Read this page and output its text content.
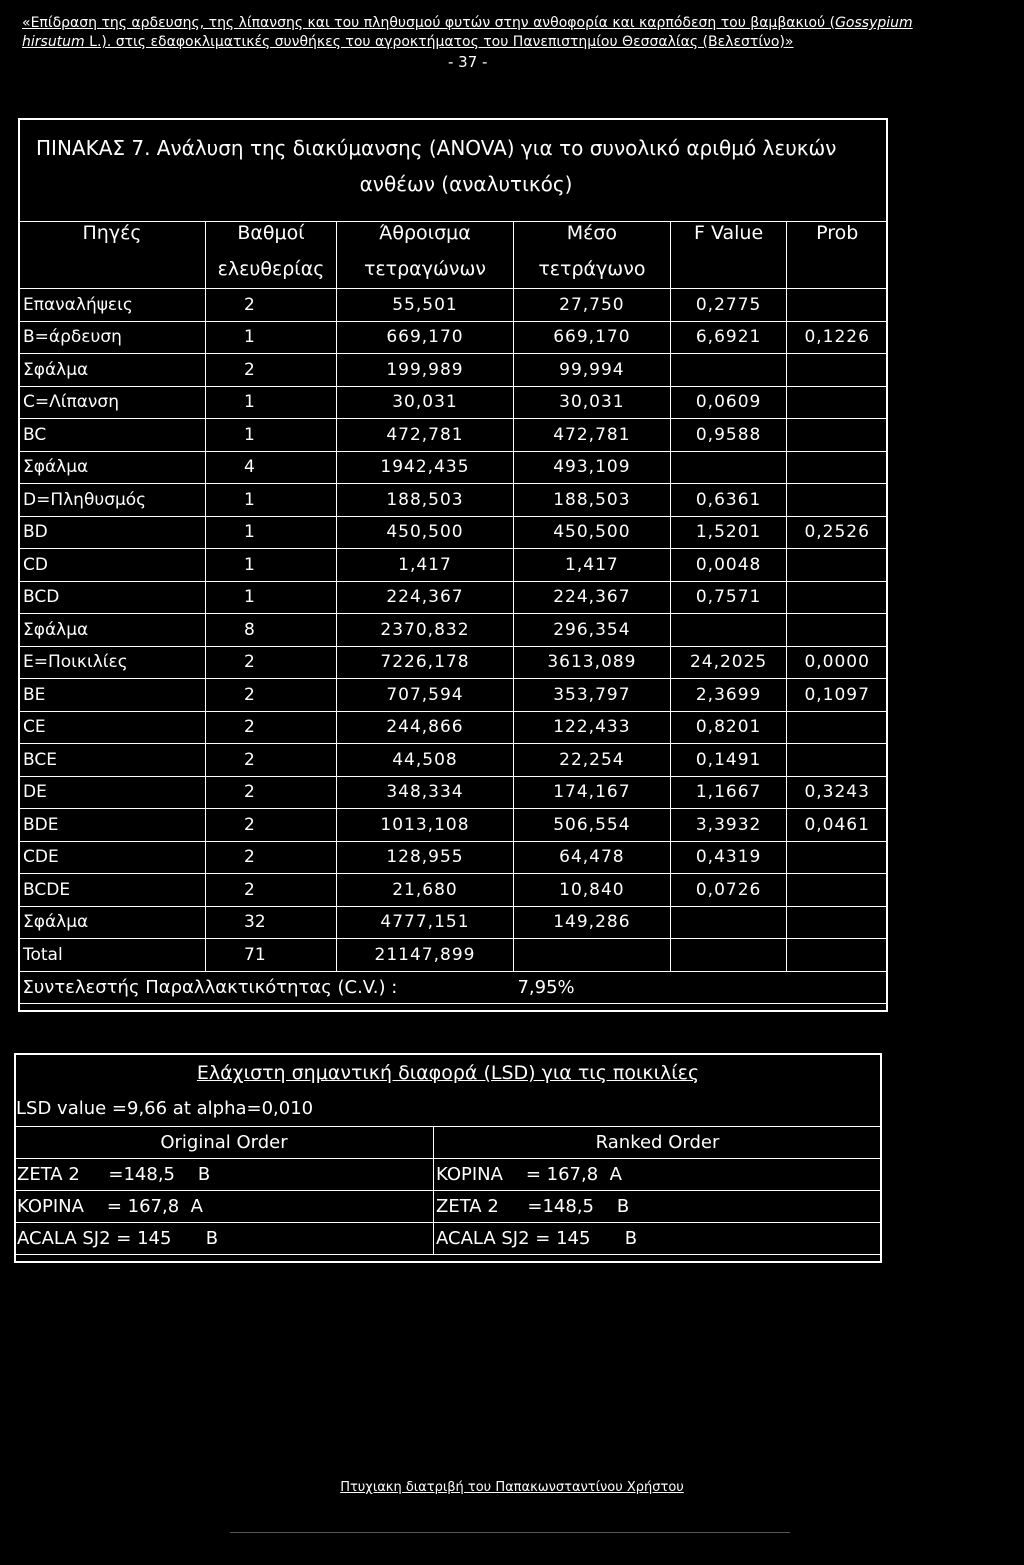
«Επίδραση της αρδευσης, της λίπανσης και του πληθυσμού φυτών στην ανθοφορία και καρπόδεση του βαμβακιού (Gossypium
hirsutum L.). στις εδαφοκλιματικές συνθήκες του αγροκτήματος του Πανεπιστημίου Θεσσαλίας (Βελεστίνο)»
- 37 -
ΠΙΝΑΚΑΣ 7. Ανάλυση της διακύμανσης (ANOVA) για το συνολικό αριθμό λευκών
ανθέων (αναλυτικός)
Πηγές	Βαθμοί	Άθροισμα	Μέσο	F Value	Prob
	ελευθερίας	τετραγώνων	τετράγωνο		
Επαναλήψεις	2	55,501	27,750	0,2775	
B=άρδευση	1	669,170	669,170	6,6921	0,1226
Σφάλμα	2	199,989	99,994		
C=Λίπανση	1	30,031	30,031	0,0609	
BC	1	472,781	472,781	0,9588	
Σφάλμα	4	1942,435	493,109		
D=Πληθυσμός	1	188,503	188,503	0,6361	
BD	1	450,500	450,500	1,5201	0,2526
CD	1	1,417	1,417	0,0048	
BCD	1	224,367	224,367	0,7571	
Σφάλμα	8	2370,832	296,354		
E=Ποικιλίες	2	7226,178	3613,089	24,2025	0,0000
BE	2	707,594	353,797	2,3699	0,1097
CE	2	244,866	122,433	0,8201	
BCE	2	44,508	22,254	0,1491	
DE	2	348,334	174,167	1,1667	0,3243
BDE	2	1013,108	506,554	3,3932	0,0461
CDE	2	128,955	64,478	0,4319	
BCDE	2	21,680	10,840	0,0726	
Σφάλμα	32	4777,151	149,286		
Total	71	21147,899			
Συντελεστής Παραλλακτικότητας (C.V.) :			7,95%		
Ελάχιστη σημαντική διαφορά (LSD) για τις ποικιλίες
LSD value =9,66 at alpha=0,010
Original Order	Ranked Order
ZETA 2     =148,5    B	KOPINA    = 167,8  A
KOPINA    = 167,8  A	ZETA 2     =148,5    B
ACALA SJ2 = 145      B	ACALA SJ2 = 145      B
Πτυχιακη διατριβή του Παπακωνσταντίνου Χρήστου
